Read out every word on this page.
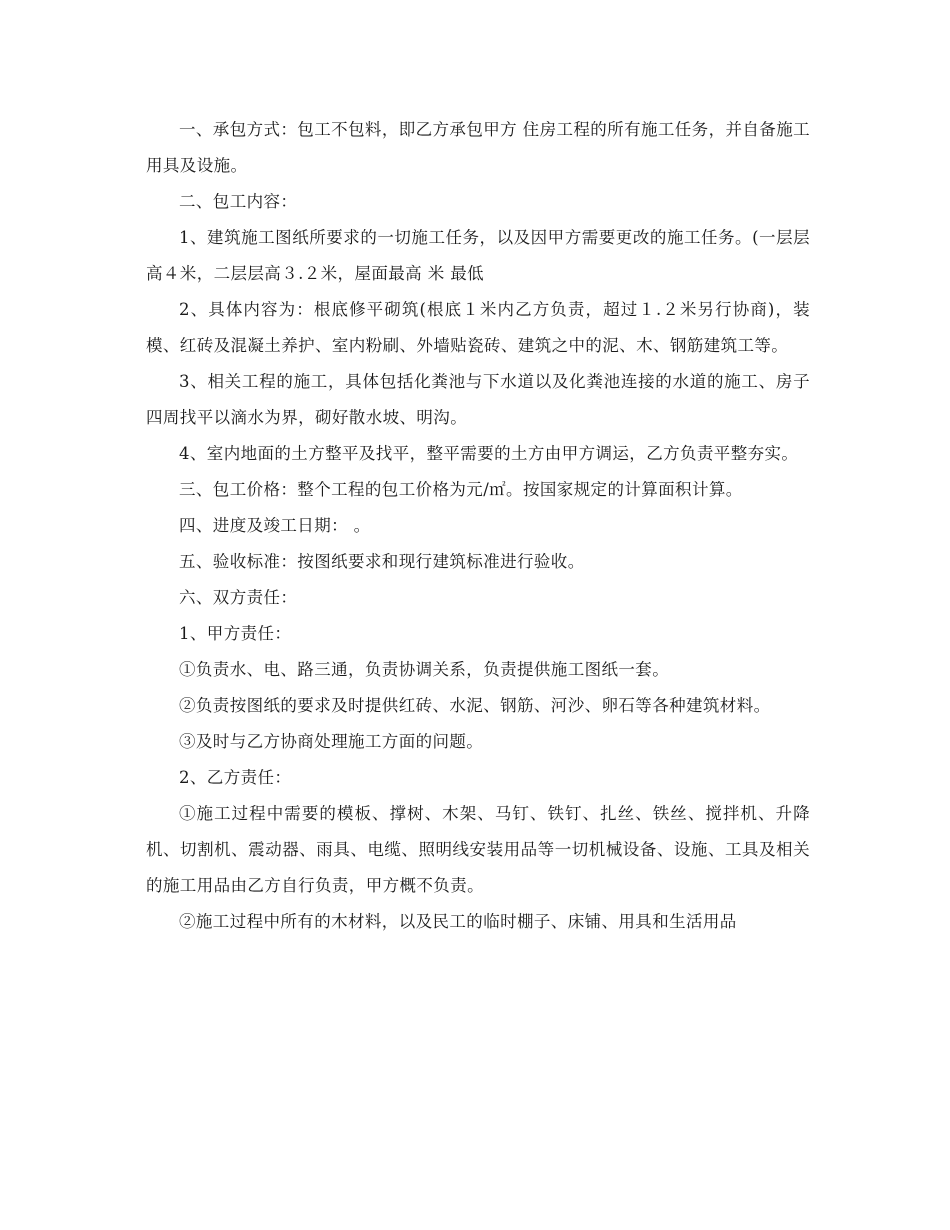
一、承包方式：包工不包料，即乙方承包甲方 住房工程的所有施工任务，并自备施工用具及设施。

二、包工内容：

1、建筑施工图纸所要求的一切施工任务，以及因甲方需要更改的施工任务。(一层层高４米，二层层高３.２米，屋面最高 米 最低

2、具体内容为：根底修平砌筑(根底１米内乙方负责，超过１.２米另行协商)，装模、红砖及混凝土养护、室内粉刷、外墙贴瓷砖、建筑之中的泥、木、钢筋建筑工等。

3、相关工程的施工，具体包括化粪池与下水道以及化粪池连接的水道的施工、房子四周找平以滴水为界，砌好散水坡、明沟。

4、室内地面的土方整平及找平，整平需要的土方由甲方调运，乙方负责平整夯实。

三、包工价格：整个工程的包工价格为元/㎡。按国家规定的计算面积计算。

四、进度及竣工日期： 。

五、验收标准：按图纸要求和现行建筑标准进行验收。

六、双方责任：

1、甲方责任：

①负责水、电、路三通，负责协调关系，负责提供施工图纸一套。

②负责按图纸的要求及时提供红砖、水泥、钢筋、河沙、卵石等各种建筑材料。

③及时与乙方协商处理施工方面的问题。

2、乙方责任：

①施工过程中需要的模板、撑树、木架、马钉、铁钉、扎丝、铁丝、搅拌机、升降机、切割机、震动器、雨具、电缆、照明线安装用品等一切机械设备、设施、工具及相关的施工用品由乙方自行负责，甲方概不负责。

②施工过程中所有的木材料，以及民工的临时棚子、床铺、用具和生活用品
